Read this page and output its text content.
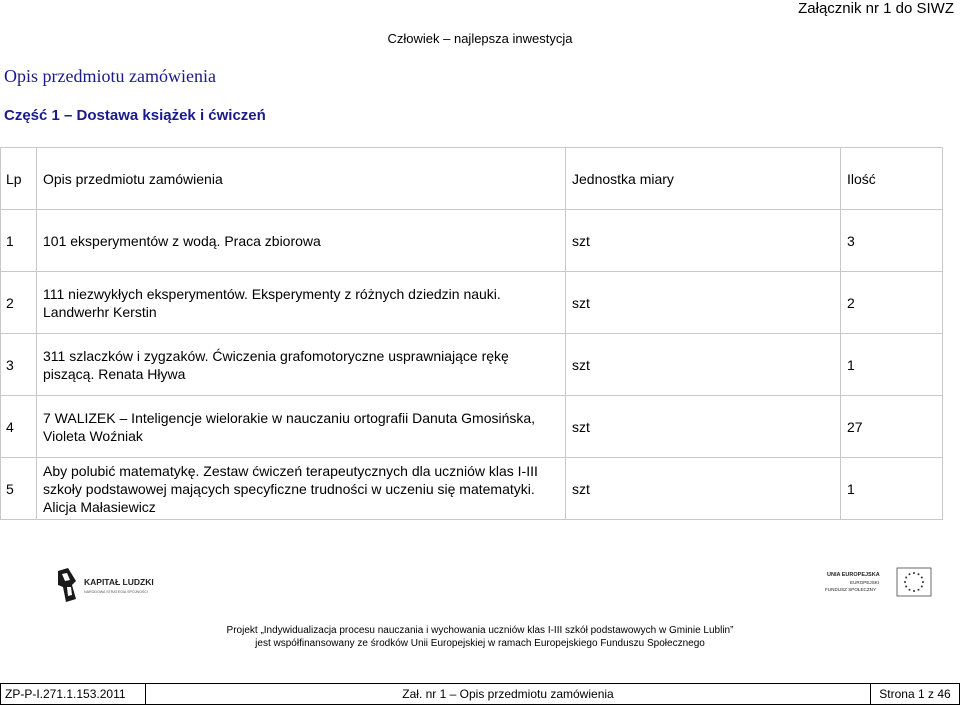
Załącznik nr 1 do SIWZ
Człowiek – najlepsza inwestycja
Opis przedmiotu zamówienia
Część 1 – Dostawa książek i ćwiczeń
Lp	Opis przedmiotu zamówienia	Jednostka miary	Ilość
1	101 eksperymentów z wodą. Praca zbiorowa	szt	3
2	111 niezwykłych eksperymentów. Eksperymenty z różnych dziedzin nauki. Landwerhr Kerstin	szt	2
3	311 szlaczków i zygzaków. Ćwiczenia grafomotoryczne usprawniające rękę piszącą. Renata Hływa	szt	1
4	7 WALIZEK – Inteligencje wielorakie w nauczaniu ortografii Danuta Gmosińska, Violeta Woźniak	szt	27
5	Aby polubić matematykę. Zestaw ćwiczeń terapeutycznych dla uczniów klas I-III szkoły podstawowej mających specyficzne trudności w uczeniu się matematyki. Alicja Małasiewicz	szt	1
KAPITAŁ LUDZKI
NARODOWA STRATEGIA SPÓJNOŚCI
UNIA EUROPEJSKA
EUROPEJSKI
FUNDUSZ SPOŁECZNY
Projekt „Indywidualizacja procesu nauczania i wychowania uczniów klas I-III szkół podstawowych w Gminie Lublin”
jest współfinansowany ze środków Unii Europejskiej w ramach Europejskiego Funduszu Społecznego
ZP-P-I.271.1.153.2011	Zał. nr 1 – Opis przedmiotu zamówienia	Strona 1 z 46
